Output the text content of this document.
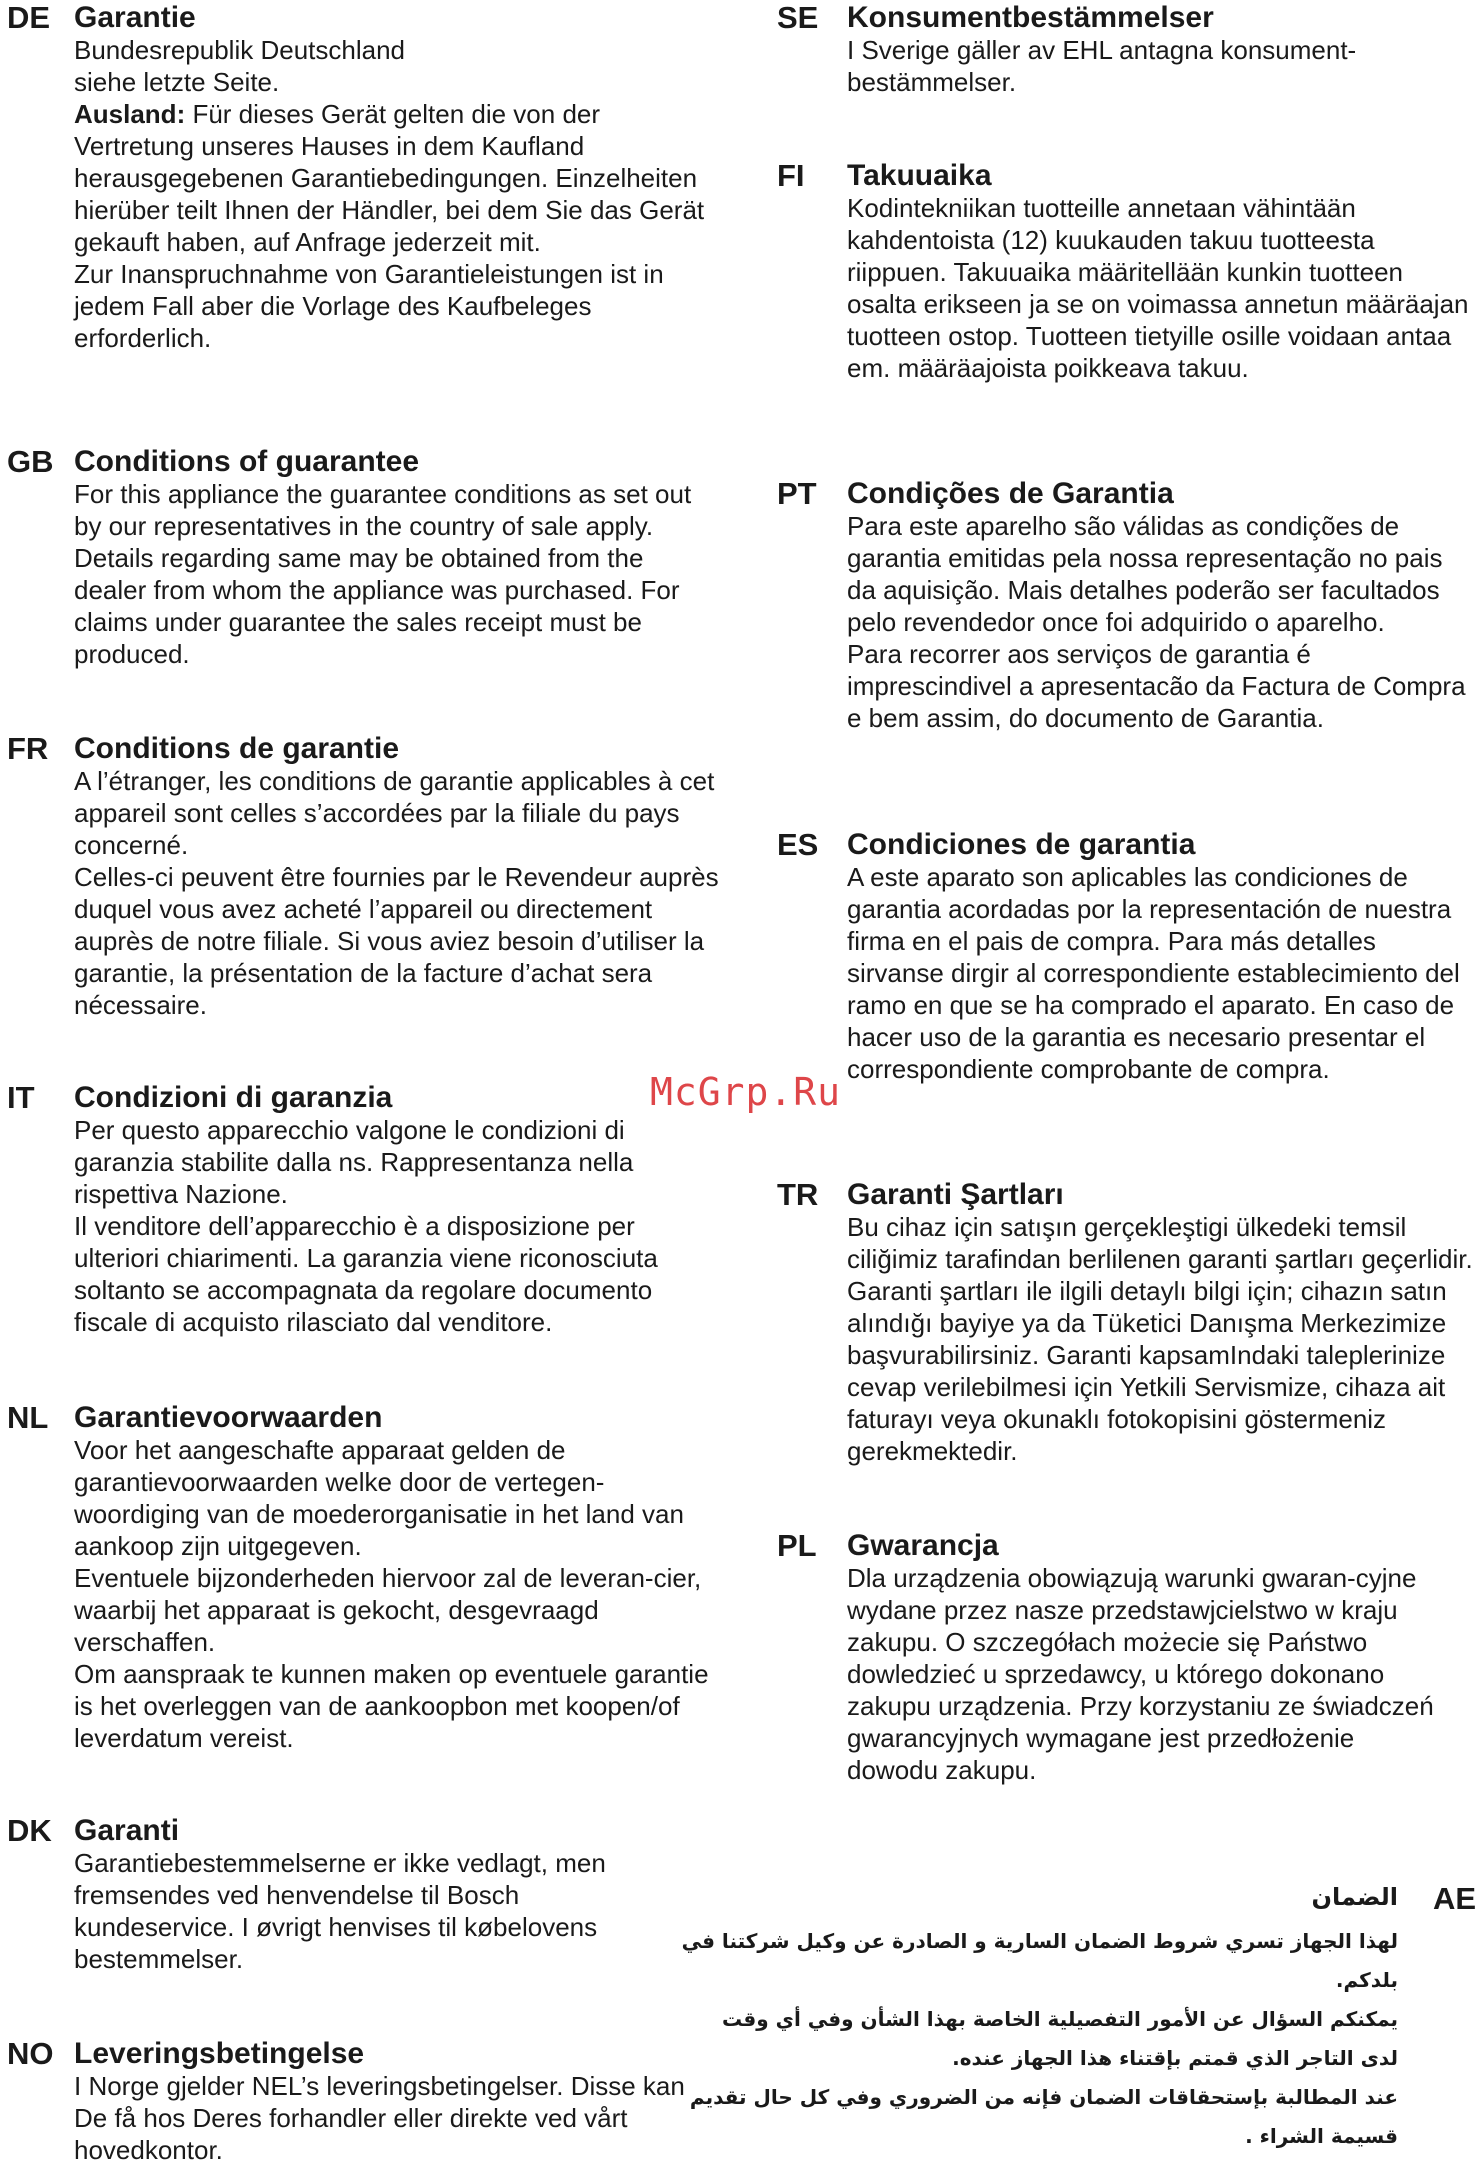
DE Garantie

Bundesrepublik Deutschland

siehe letzte Seite.

Ausland: Für dieses Gerät gelten die von der Vertretung unseres Hauses in dem Kaufland herausgegebenen Garantiebedingungen. Einzelheiten hierüber teilt Ihnen der Händler, bei dem Sie das Gerät gekauft haben, auf Anfrage jederzeit mit.

Zur Inanspruchnahme von Garantieleistungen ist in jedem Fall aber die Vorlage des Kaufbeleges erforderlich.

GB Conditions of guarantee

For this appliance the guarantee conditions as set out by our representatives in the country of sale apply. Details regarding same may be obtained from the dealer from whom the appliance was purchased. For claims under guarantee the sales receipt must be produced.

FR Conditions de garantie

A l’étranger, les conditions de garantie applicables à cet appareil sont celles s’accordées par la filiale du pays concerné.

Celles-ci peuvent être fournies par le Revendeur auprès duquel vous avez acheté l’appareil ou directement auprès de notre filiale. Si vous aviez besoin d’utiliser la garantie, la présentation de la facture d’achat sera nécessaire.

IT Condizioni di garanzia

Per questo apparecchio valgone le condizioni di garanzia stabilite dalla ns. Rappresentanza nella rispettiva Nazione.

Il venditore dell’apparecchio è a disposizione per ulteriori chiarimenti. La garanzia viene riconosciuta soltanto se accompagnata da regolare documento fiscale di acquisto rilasciato dal venditore.

NL Garantievoorwaarden

Voor het aangeschafte apparaat gelden de garantievoorwaarden welke door de vertegen-woordiging van de moederorganisatie in het land van aankoop zijn uitgegeven.

Eventuele bijzonderheden hiervoor zal de leveran-cier, waarbij het apparaat is gekocht, desgevraagd verschaffen.

Om aanspraak te kunnen maken op eventuele garantie is het overleggen van de aankoopbon met koopen/of leverdatum vereist.

DK Garanti

Garantiebestemmelserne er ikke vedlagt, men fremsendes ved henvendelse til Bosch kundeservice. I øvrigt henvises til købelovens bestemmelser.

NO Leveringsbetingelse

I Norge gjelder NEL’s leveringsbetingelser. Disse kan De få hos Deres forhandler eller direkte ved vårt hovedkontor.

SE Konsumentbestämmelser

I Sverige gäller av EHL antagna konsument-bestämmelser.

FI Takuuaika

Kodintekniikan tuotteille annetaan vähintään kahdentoista (12) kuukauden takuu tuotteesta riippuen. Takuuaika määritellään kunkin tuotteen osalta erikseen ja se on voimassa annetun määräajan tuotteen ostop. Tuotteen tietyille osille voidaan antaa em. määräajoista poikkeava takuu.

PT Condições de Garantia

Para este aparelho são válidas as condições de garantia emitidas pela nossa representação no pais da aquisição. Mais detalhes poderão ser facultados pelo revendedor once foi adquirido o aparelho.

Para recorrer aos serviços de garantia é imprescindivel a apresentacão da Factura de Compra e bem assim, do documento de Garantia.

ES Condiciones de garantia

A este aparato son aplicables las condiciones de garantia acordadas por la representación de nuestra firma en el pais de compra. Para más detalles sirvanse dirgir al correspondiente establecimiento del ramo en que se ha comprado el aparato. En caso de hacer uso de la garantia es necesario presentar el correspondiente comprobante de compra.

TR Garanti Şartları

Bu cihaz için satışın gerçekleştigi ülkedeki temsil ciliğimiz tarafindan berlilenen garanti şartları geçerlidir. Garanti şartları ile ilgili detaylı bilgi için; cihazın satın alındığı bayiye ya da Tüketici Danışma Merkezimize başvurabilirsiniz. Garanti kapsamIndaki taleplerinize cevap verilebilmesi için Yetkili Servismize, cihaza ait faturayı veya okunaklı fotokopisini göstermeniz gerekmektedir.

PL Gwarancja

Dla urządzenia obowiązują warunki gwaran-cyjne wydane przez nasze przedstawjcielstwo w kraju zakupu. O szczegółach możecie się Państwo dowledzieć u sprzedawcy, u którego dokonano zakupu urządzenia. Przy korzystaniu ze świadczeń gwarancyjnych wymagane jest przedłożenie dowodu zakupu.

AE
الضمان
لهذا الجهاز تسري شروط الضمان السارية و الصادرة عن وكيل شركتنا في
بلدكم.
يمكنكم السؤال عن الأمور التفصيلية الخاصة بهذا الشأن وفي أي وقت
لدى التاجر الذي قمتم بإقتناء هذا الجهاز عنده.
عند المطالبة بإستحقاقات الضمان فإنه من الضروري وفي كل حال تقديم
قسيمة الشراء .
McGrp.Ru
